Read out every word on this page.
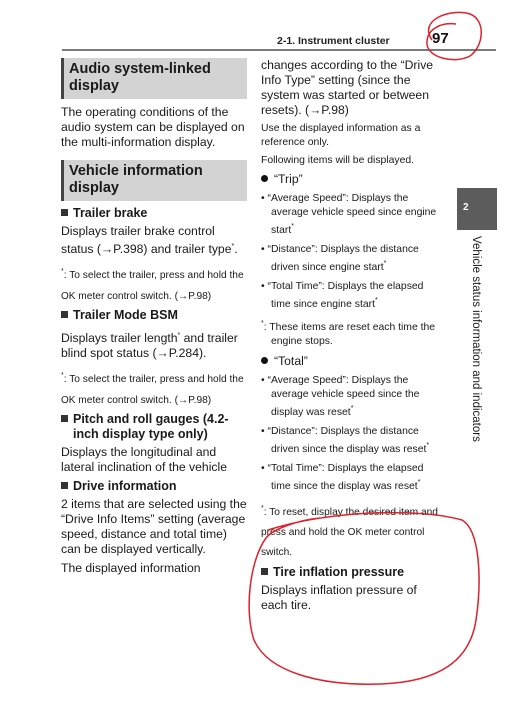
2-1. Instrument cluster	97
Audio system-linked display
The operating conditions of the audio system can be displayed on the multi-information display.
Vehicle information display
Trailer brake
Displays trailer brake control status (→P.398) and trailer type*.
*: To select the trailer, press and hold the OK meter control switch. (→P.98)
Trailer Mode BSM
Displays trailer length* and trailer blind spot status (→P.284).
*: To select the trailer, press and hold the OK meter control switch. (→P.98)
Pitch and roll gauges (4.2-inch display type only)
Displays the longitudinal and lateral inclination of the vehicle
Drive information
2 items that are selected using the “Drive Info Items” setting (average speed, distance and total time) can be displayed vertically.
The displayed information
changes according to the “Drive Info Type” setting (since the system was started or between resets). (→P.98)
Use the displayed information as a reference only.
Following items will be displayed.
“Trip”
• “Average Speed”: Displays the average vehicle speed since engine start*
• “Distance”: Displays the distance driven since engine start*
• “Total Time”: Displays the elapsed time since engine start*
*: These items are reset each time the engine stops.
“Total”
• “Average Speed”: Displays the average vehicle speed since the display was reset*
• “Distance”: Displays the distance driven since the display was reset*
• “Total Time”: Displays the elapsed time since the display was reset*
*: To reset, display the desired item and press and hold the OK meter control switch.
Tire inflation pressure
Displays inflation pressure of each tire.
2
Vehicle status information and indicators
